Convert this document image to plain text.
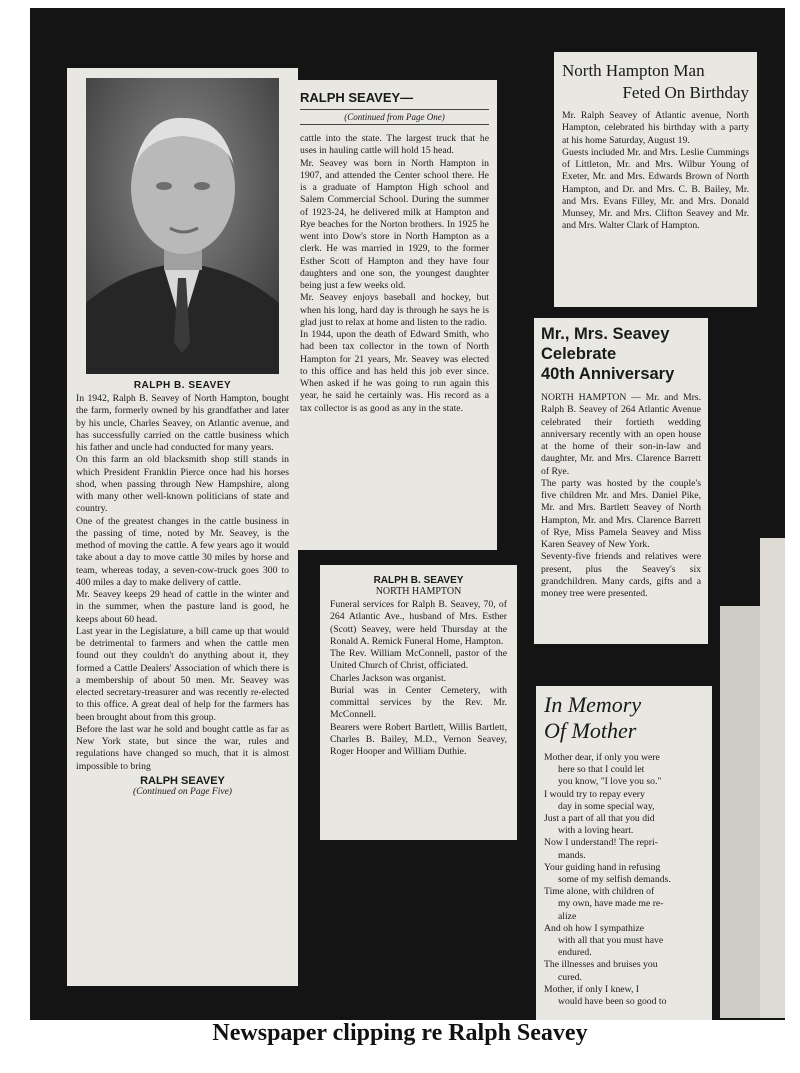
RALPH B. SEAVEY

In 1942, Ralph B. Seavey of North Hampton, bought the farm, formerly owned by his grandfather and later by his uncle, Charles Seavey, on Atlantic avenue, and has successfully carried on the cattle business which his father and uncle had conducted for many years.
On this farm an old blacksmith shop still stands in which President Franklin Pierce once had his horses shod, when passing through New Hampshire, along with many other well-known politicians of state and country.
One of the greatest changes in the cattle business in the passing of time, noted by Mr. Seavey, is the method of moving the cattle. A few years ago it would take about a day to move cattle 30 miles by horse and team, whereas today, a seven-cow-truck goes 300 to 400 miles a day to make delivery of cattle.
Mr. Seavey keeps 29 head of cattle in the winter and in the summer, when the pasture land is good, he keeps about 60 head.
Last year in the Legislature, a bill came up that would be detrimental to farmers and when the cattle men found out they couldn't do anything about it, they formed a Cattle Dealers' Association of which there is a membership of about 50 men. Mr. Seavey was elected secretary-treasurer and was recently re-elected to this office. A great deal of help for the farmers has been brought about from this group.
Before the last war he sold and bought cattle as far as New York state, but since the war, rules and regulations have changed so much, that it is almost impossible to bring

RALPH SEAVEY
(Continued on Page Five)
RALPH SEAVEY—
(Continued from Page One)

cattle into the state. The largest truck that he uses in hauling cattle will hold 15 head.
Mr. Seavey was born in North Hampton in 1907, and attended the Center school there. He is a graduate of Hampton High school and Salem Commercial School. During the summer of 1923-24, he delivered milk at Hampton and Rye beaches for the Norton brothers. In 1925 he went into Dow's store in North Hampton as a clerk. He was married in 1929, to the former Esther Scott of Hampton and they have four daughters and one son, the youngest daughter being just a few weeks old.
Mr. Seavey enjoys baseball and hockey, but when his long, hard day is through he says he is glad just to relax at home and listen to the radio.
In 1944, upon the death of Edward Smith, who had been tax collector in the town of North Hampton for 21 years, Mr. Seavey was elected to this office and has held this job ever since. When asked if he was going to run again this year, he said he certainly was. His record as a tax collector is as good as any in the state.

North Hampton Man
Feted On Birthday

Mr. Ralph Seavey of Atlantic avenue, North Hampton, celebrated his birthday with a party at his home Saturday, August 19.
Guests included Mr. and Mrs. Leslie Cummings of Littleton, Mr. and Mrs. Wilbur Young of Exeter, Mr. and Mrs. Edwards Brown of North Hampton, and Dr. and Mrs. C. B. Bailey, Mr. and Mrs. Evans Filley, Mr. and Mrs. Donald Munsey, Mr. and Mrs. Clifton Seavey and Mr. and Mrs. Walter Clark of Hampton.

Mr., Mrs. Seavey
Celebrate
40th Anniversary

NORTH HAMPTON — Mr. and Mrs. Ralph B. Seavey of 264 Atlantic Avenue celebrated their fortieth wedding anniversary recently with an open house at the home of their son-in-law and daughter, Mr. and Mrs. Clarence Barrett of Rye.
The party was hosted by the couple's five children Mr. and Mrs. Daniel Pike, Mr. and Mrs. Bartlett Seavey of North Hampton, Mr. and Mrs. Clarence Barrett of Rye, Miss Pamela Seavey and Miss Karen Seavey of New York.
Seventy-five friends and relatives were present, plus the Seavey's six grandchildren. Many cards, gifts and a money tree were presented.

RALPH B. SEAVEY
NORTH HAMPTON

Funeral services for Ralph B. Seavey, 70, of 264 Atlantic Ave., husband of Mrs. Esther (Scott) Seavey, were held Thursday at the Ronald A. Remick Funeral Home, Hampton.
The Rev. William McConnell, pastor of the United Church of Christ, officiated.
Charles Jackson was organist.
Burial was in Center Cemetery, with committal services by the Rev. Mr. McConnell.
Bearers were Robert Bartlett, Willis Bartlett, Charles B. Bailey, M.D., Vernon Seavey, Roger Hooper and William Duthie.

In Memory
Of Mother
Mother dear, if only you were
here so that I could let
you know, "I love you so."
I would try to repay every
day in some special way,
Just a part of all that you did
with a loving heart.
Now I understand! The repri-
mands.
Your guiding hand in refusing
some of my selfish demands.
Time alone, with children of
my own, have made me re-
alize
And oh how I sympathize
with all that you must have
endured.
The illnesses and bruises you
cured.
Mother, if only I knew, I
would have been so good to
Newspaper clipping re Ralph Seavey
